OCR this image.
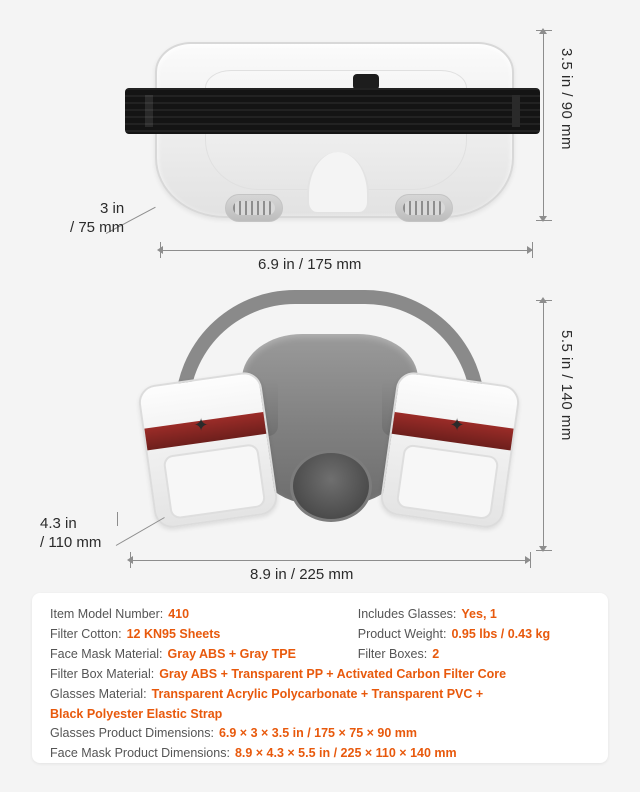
3.5 in / 90 mm
3 in
/ 75 mm
6.9 in / 175 mm
✦	✦	5.5 in / 140 mm
4.3 in
/ 110 mm
8.9 in / 225 mm
Item Model Number: 410	Includes Glasses: Yes, 1
Filter Cotton: 12 KN95 Sheets	Product Weight: 0.95 lbs / 0.43 kg
Face Mask Material: Gray ABS + Gray TPE	Filter Boxes: 2
Filter Box Material: Gray ABS + Transparent PP + Activated Carbon Filter Core
Glasses Material: Transparent Acrylic Polycarbonate + Transparent PVC +
Black Polyester Elastic Strap
Glasses Product Dimensions: 6.9 × 3 × 3.5 in / 175 × 75 × 90 mm
Face Mask Product Dimensions: 8.9 × 4.3 × 5.5 in / 225 × 110 × 140 mm
